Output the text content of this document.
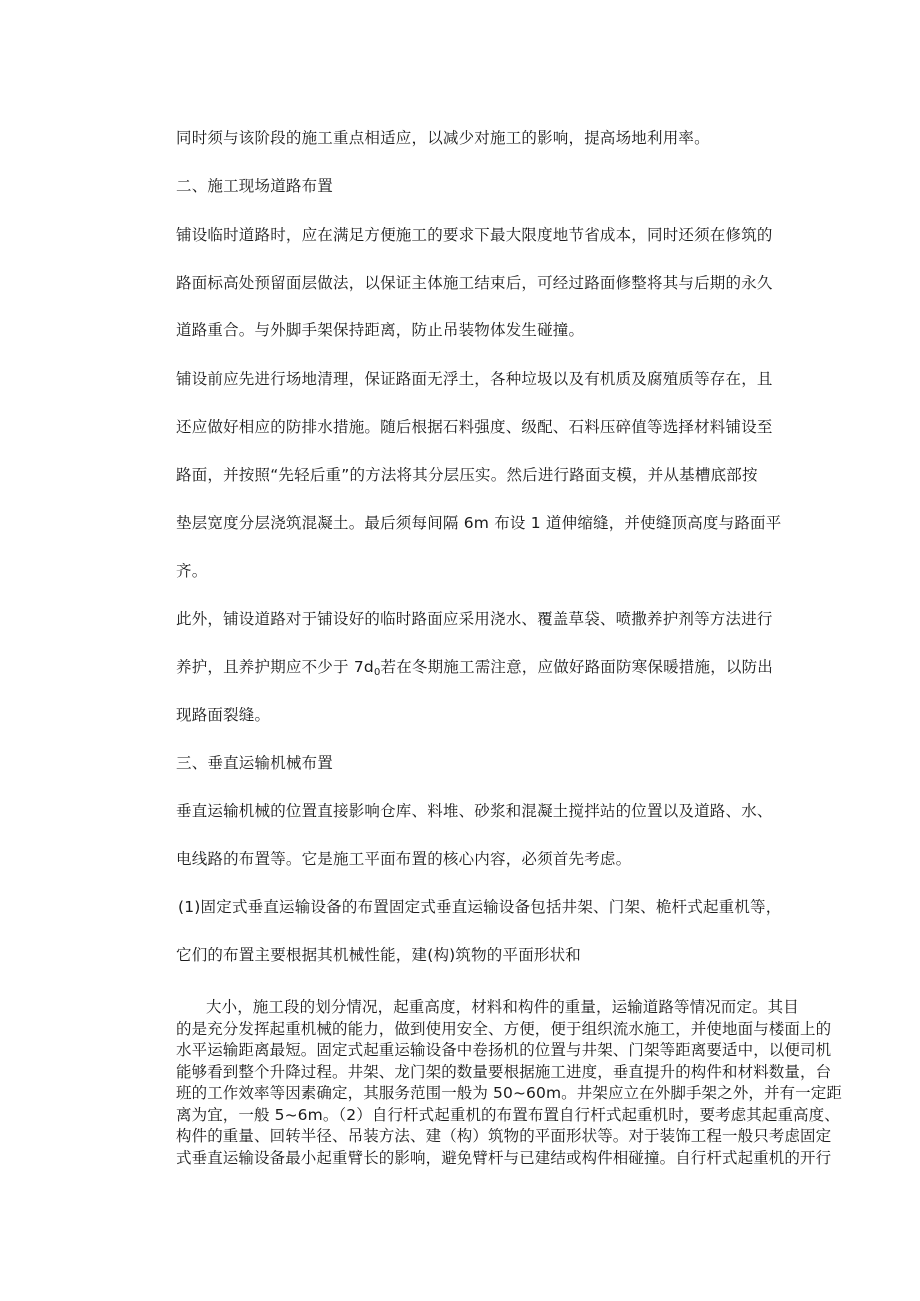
同时须与该阶段的施工重点相适应，以减少对施工的影响，提高场地利用率。
二、施工现场道路布置
铺设临时道路时，应在满足方便施工的要求下最大限度地节省成本，同时还须在修筑的
路面标高处预留面层做法，以保证主体施工结束后，可经过路面修整将其与后期的永久
道路重合。与外脚手架保持距离，防止吊装物体发生碰撞。
铺设前应先进行场地清理，保证路面无浮土，各种垃圾以及有机质及腐殖质等存在，且
还应做好相应的防排水措施。随后根据石料强度、级配、石料压碎值等选择材料铺设至
路面，并按照“先轻后重”的方法将其分层压实。然后进行路面支模，并从基槽底部按
垫层宽度分层浇筑混凝土。最后须每间隔 6m 布设 1 道伸缩缝，并使缝顶高度与路面平
齐。
此外，铺设道路对于铺设好的临时路面应采用浇水、覆盖草袋、喷撒养护剂等方法进行
养护，且养护期应不少于 $7d_0$若在冬期施工需注意，应做好路面防寒保暖措施，以防出
现路面裂缝。
三、垂直运输机械布置
垂直运输机械的位置直接影响仓库、料堆、砂浆和混凝土搅拌站的位置以及道路、水、
电线路的布置等。它是施工平面布置的核心内容，必须首先考虑。
(1)固定式垂直运输设备的布置固定式垂直运输设备包括井架、门架、桅杆式起重机等，
它们的布置主要根据其机械性能，建(构)筑物的平面形状和
大小，施工段的划分情况，起重高度，材料和构件的重量，运输道路等情况而定。其目
的是充分发挥起重机械的能力，做到使用安全、方便，便于组织流水施工，并使地面与楼面上的
水平运输距离最短。固定式起重运输设备中卷扬机的位置与井架、门架等距离要适中，以便司机
能够看到整个升降过程。井架、龙门架的数量要根据施工进度，垂直提升的构件和材料数量，台
班的工作效率等因素确定，其服务范围一般为 50~60m。井架应立在外脚手架之外，并有一定距
离为宜，一般 5~6m。（2）自行杆式起重机的布置布置自行杆式起重机时，要考虑其起重高度、
构件的重量、回转半径、吊装方法、建（构）筑物的平面形状等。对于装饰工程一般只考虑固定
式垂直运输设备最小起重臂长的影响，避免臂杆与已建结或构件相碰撞。自行杆式起重机的开行
